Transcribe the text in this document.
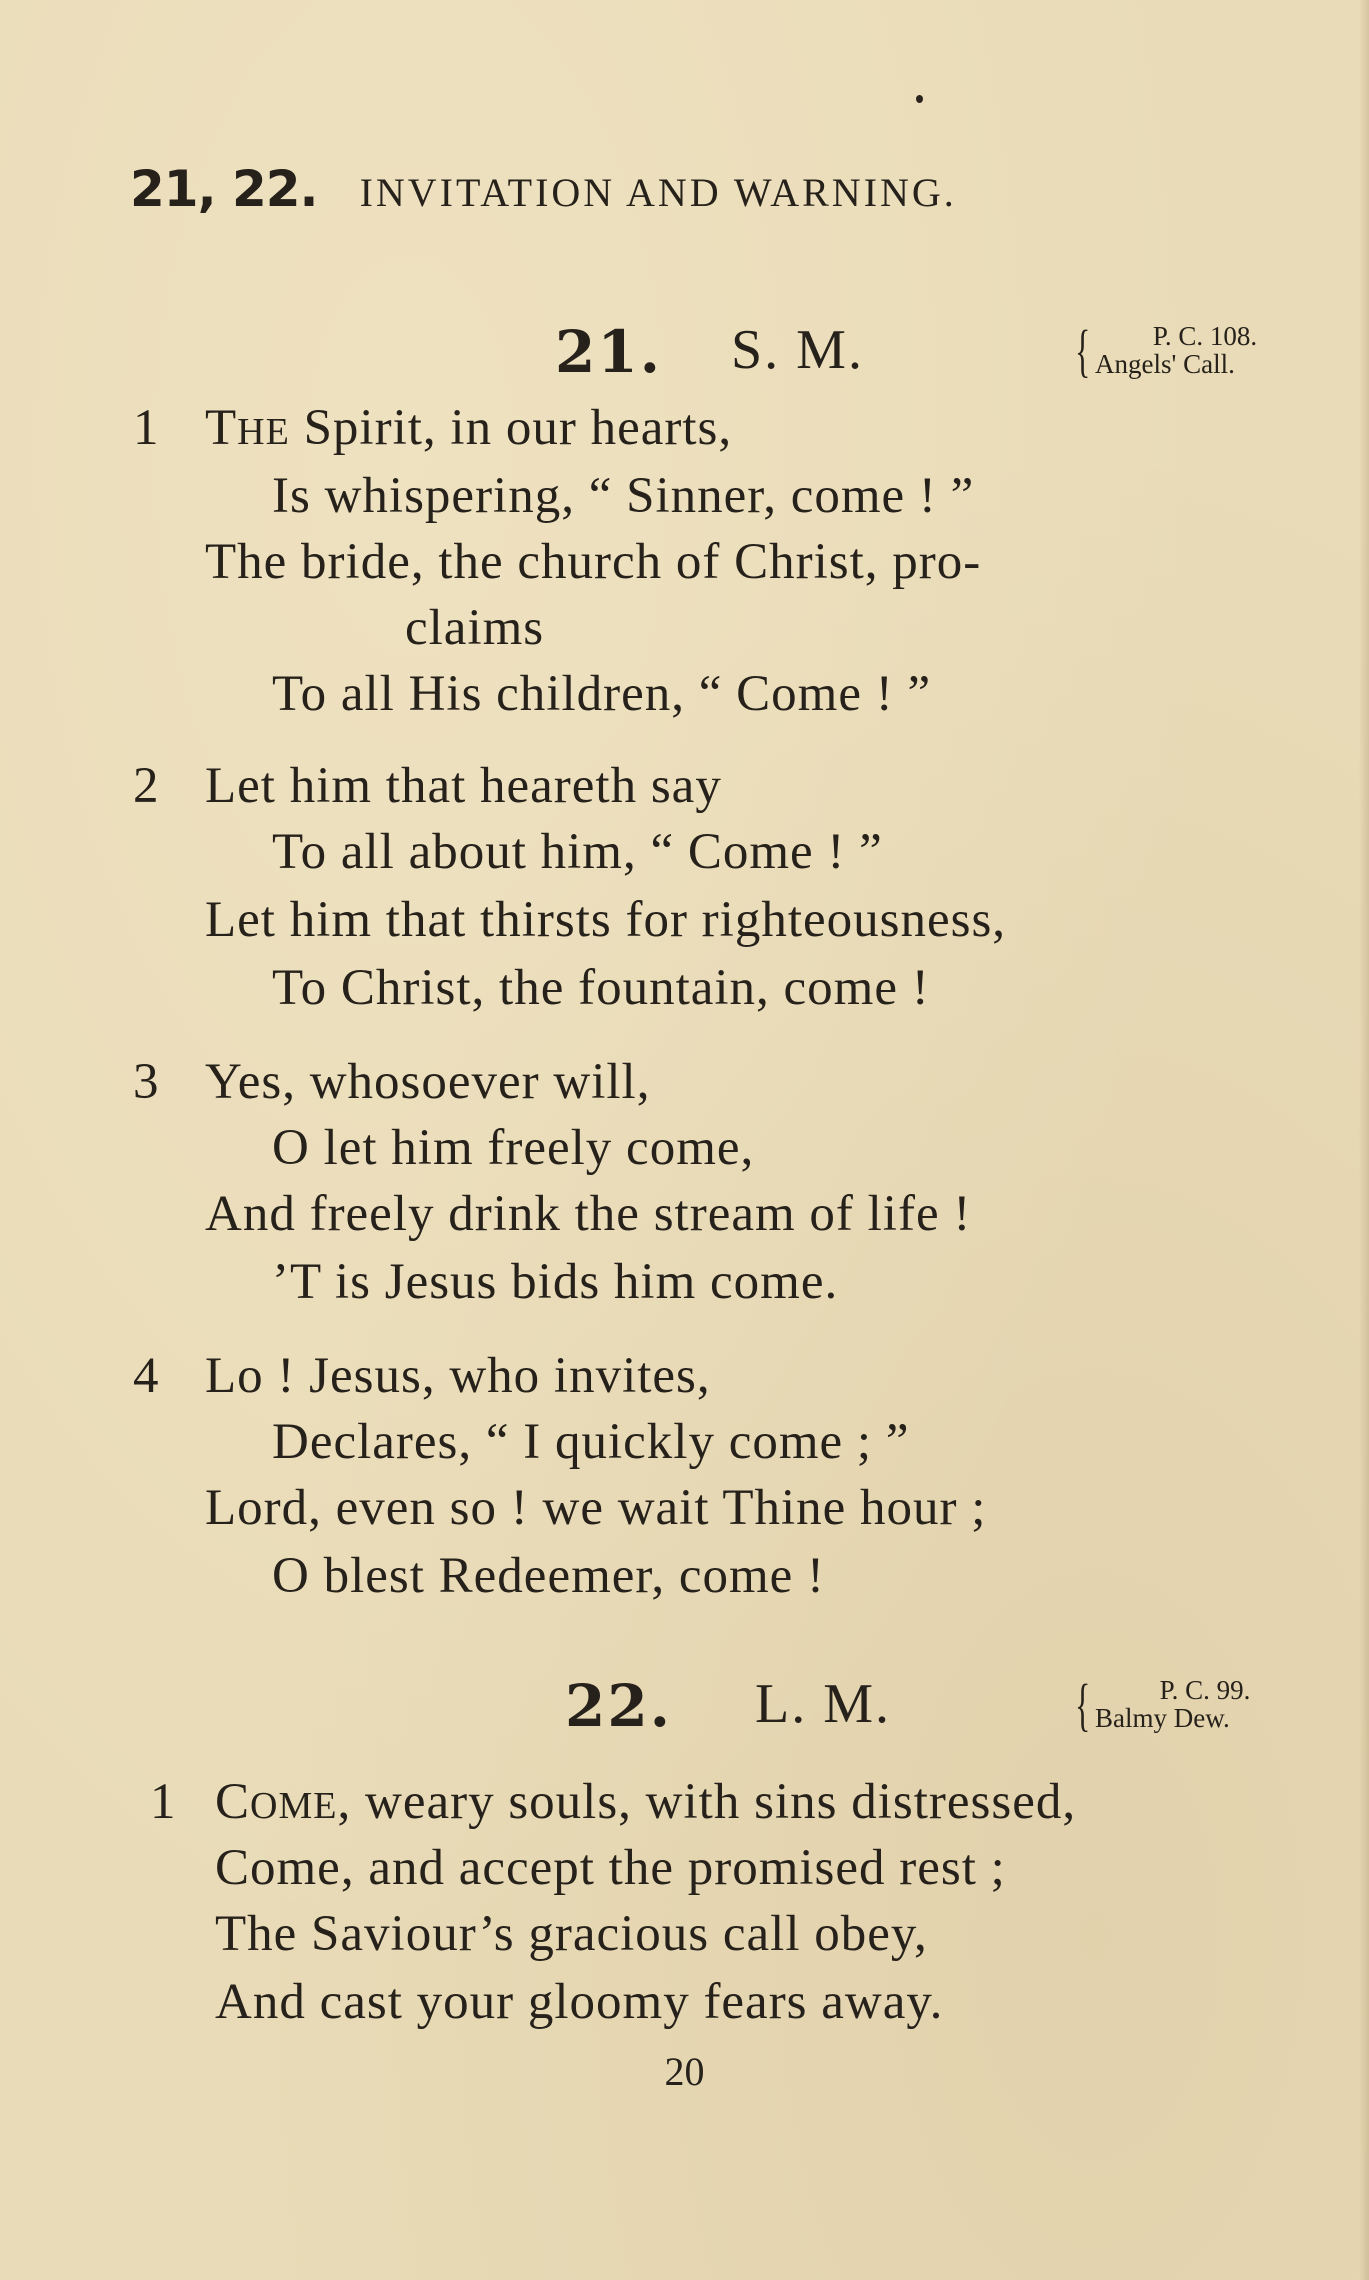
21, 22. INVITATION AND WARNING.
21. S. M.	{	P. C. 108.
Angels' Call.
1 THE Spirit, in our hearts,
Is whispering, “ Sinner, come ! ”
The bride, the church of Christ, pro-
claims
To all His children, “ Come ! ”
2 Let him that heareth say
To all about him, “ Come ! ”
Let him that thirsts for righteousness,
To Christ, the fountain, come !
3 Yes, whosoever will,
O let him freely come,
And freely drink the stream of life !
’T is Jesus bids him come.
4 Lo ! Jesus, who invites,
Declares, “ I quickly come ; ”
Lord, even so ! we wait Thine hour ;
O blest Redeemer, come !
22. L. M.	{	P. C. 99.
Balmy Dew.
1 COME, weary souls, with sins distressed,
Come, and accept the promised rest ;
The Saviour’s gracious call obey,
And cast your gloomy fears away.
20
